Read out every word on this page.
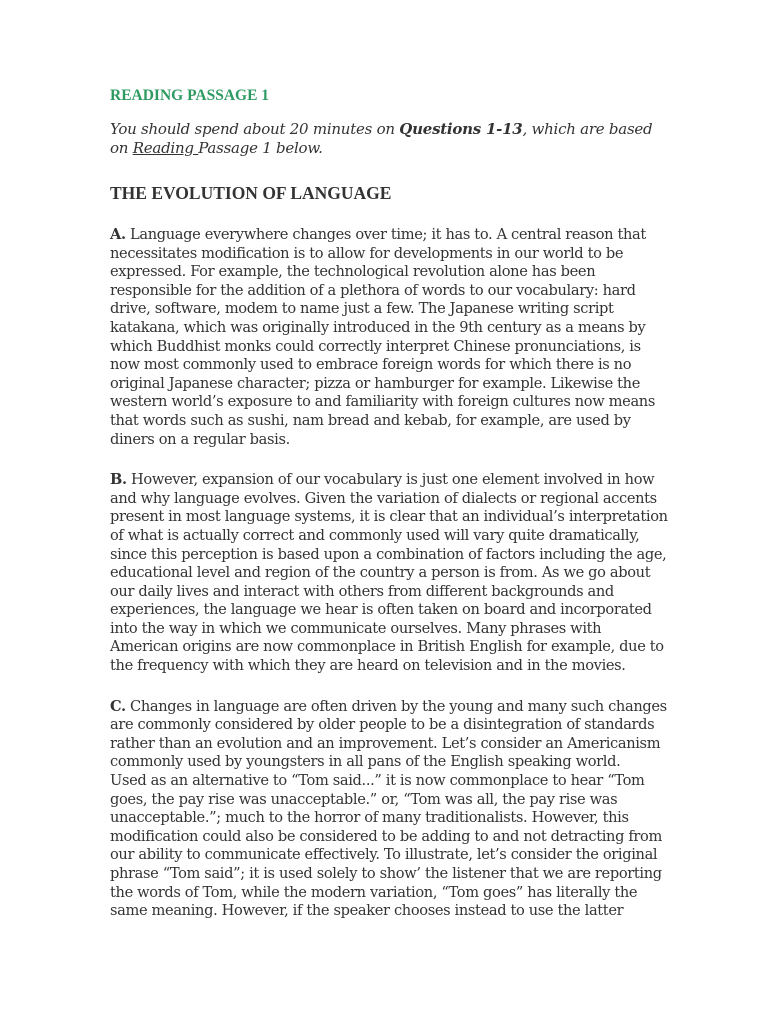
READING PASSAGE 1

You should spend about 20 minutes on Questions 1-13, which are based
on Reading Passage 1 below.

THE EVOLUTION OF LANGUAGE

A. Language everywhere changes over time; it has to. A central reason that
necessitates modification is to allow for developments in our world to be
expressed. For example, the technological revolution alone has been
responsible for the addition of a plethora of words to our vocabulary: hard
drive, software, modem to name just a few. The Japanese writing script
katakana, which was originally introduced in the 9th century as a means by
which Buddhist monks could correctly interpret Chinese pronunciations, is
now most commonly used to embrace foreign words for which there is no
original Japanese character; pizza or hamburger for example. Likewise the
western world’s exposure to and familiarity with foreign cultures now means
that words such as sushi, nam bread and kebab, for example, are used by
diners on a regular basis.

B. However, expansion of our vocabulary is just one element involved in how
and why language evolves. Given the variation of dialects or regional accents
present in most language systems, it is clear that an individual’s interpretation
of what is actually correct and commonly used will vary quite dramatically,
since this perception is based upon a combination of factors including the age,
educational level and region of the country a person is from. As we go about
our daily lives and interact with others from different backgrounds and
experiences, the language we hear is often taken on board and incorporated
into the way in which we communicate ourselves. Many phrases with
American origins are now commonplace in British English for example, due to
the frequency with which they are heard on television and in the movies.

C. Changes in language are often driven by the young and many such changes
are commonly considered by older people to be a disintegration of standards
rather than an evolution and an improvement. Let’s consider an Americanism
commonly used by youngsters in all pans of the English speaking world.
Used as an alternative to “Tom said...” it is now commonplace to hear “Tom
goes, the pay rise was unacceptable.” or, “Tom was all, the pay rise was
unacceptable.”; much to the horror of many traditionalists. However, this
modification could also be considered to be adding to and not detracting from
our ability to communicate effectively. To illustrate, let’s consider the original
phrase “Tom said”; it is used solely to show’ the listener that we are reporting
the words of Tom, while the modern variation, “Tom goes” has literally the
same meaning. However, if the speaker chooses instead to use the latter
